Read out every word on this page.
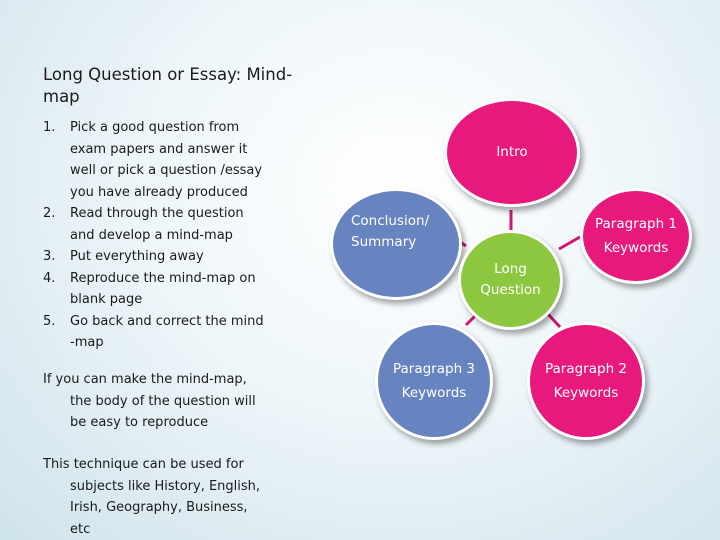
Long Question or Essay: Mind-map
1. Pick a good question from exam papers and answer it well or pick a question /essay you have already produced
2. Read through the question and develop a mind-map
3. Put everything away
4. Reproduce the mind-map on blank page
5. Go back and correct the mind -map
If you can make the mind-map, the body of the question will be easy to reproduce
This technique can be used for subjects like History, English, Irish, Geography, Business, etc
Intro
Paragraph 1
Keywords
Conclusion/
Summary
Long
Question
Paragraph 3
Keywords
Paragraph 2
Keywords
